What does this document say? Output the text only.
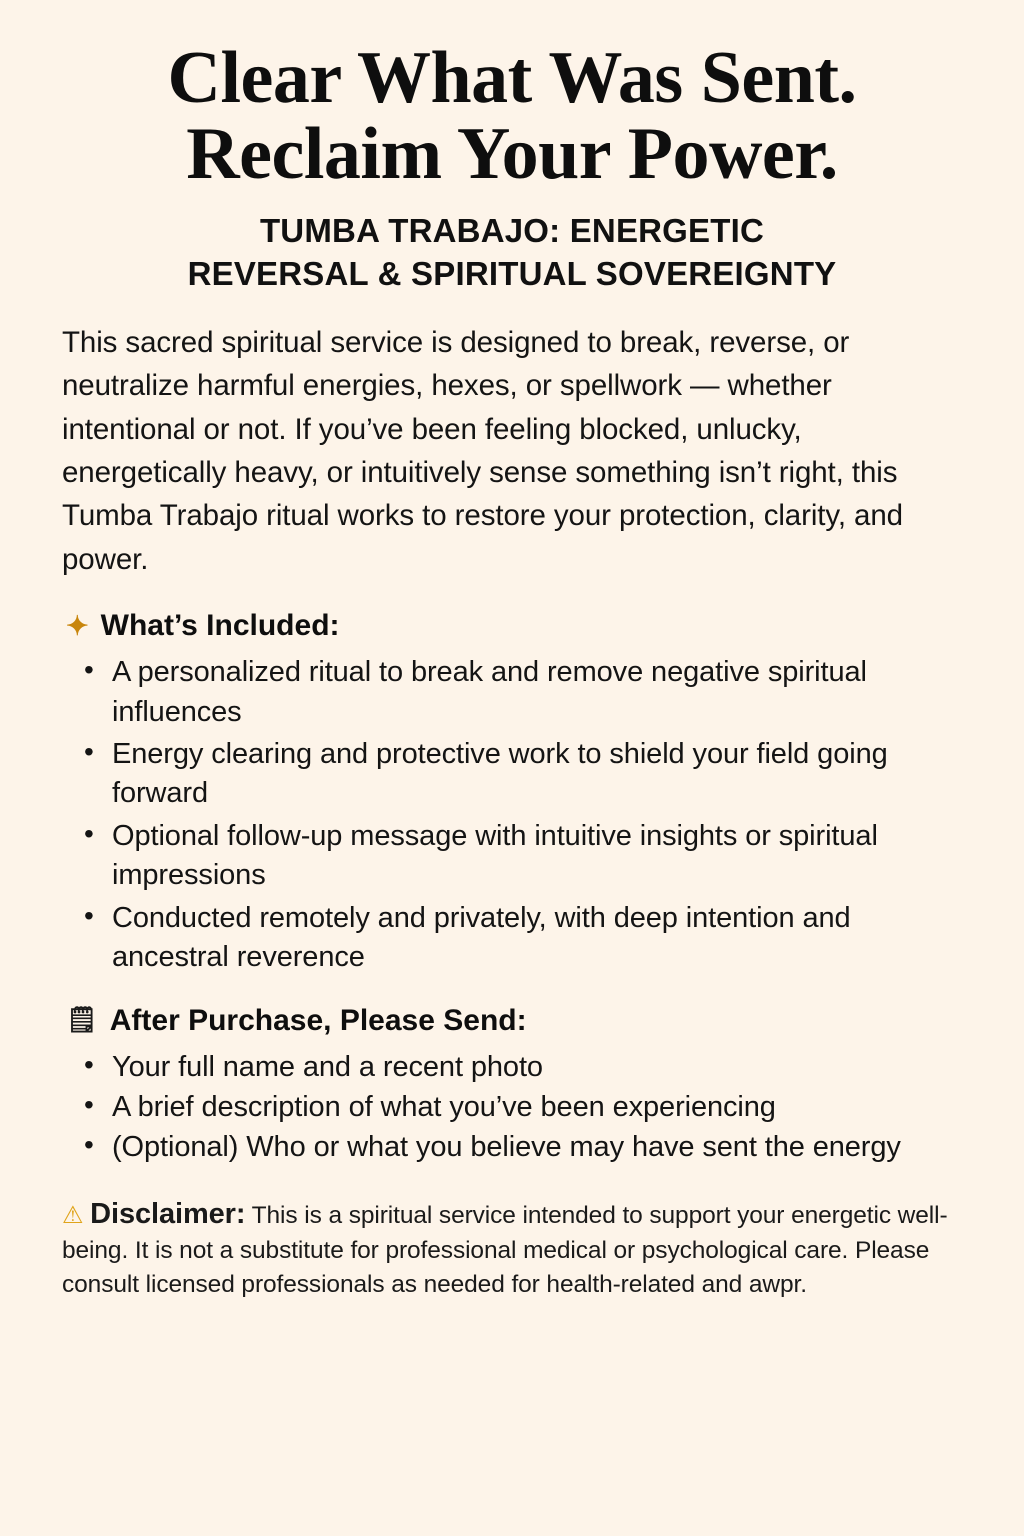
Clear What Was Sent.
Reclaim Your Power.
TUMBA TRABAJO: ENERGETIC
REVERSAL & SPIRITUAL SOVEREIGNTY

This sacred spiritual service is designed to break, reverse, or neutralize harmful energies, hexes, or spellwork — whether intentional or not. If you’ve been feeling blocked, unlucky, energetically heavy, or intuitively sense something isn’t right, this Tumba Trabajo ritual works to restore your protection, clarity, and power.

✦ What’s Included:
• A personalized ritual to break and remove negative spiritual influences
• Energy clearing and protective work to shield your field going forward
• Optional follow-up message with intuitive insights or spiritual impressions
• Conducted remotely and privately, with deep intention and ancestral reverence
🗒 After Purchase, Please Send:
• Your full name and a recent photo
• A brief description of what you’ve been experiencing
• (Optional) Who or what you believe may have sent the energy

⚠ Disclaimer: This is a spiritual service intended to support your energetic well-being. It is not a substitute for professional medical or psychological care. Please consult licensed professionals as needed for health-related and awpr.
